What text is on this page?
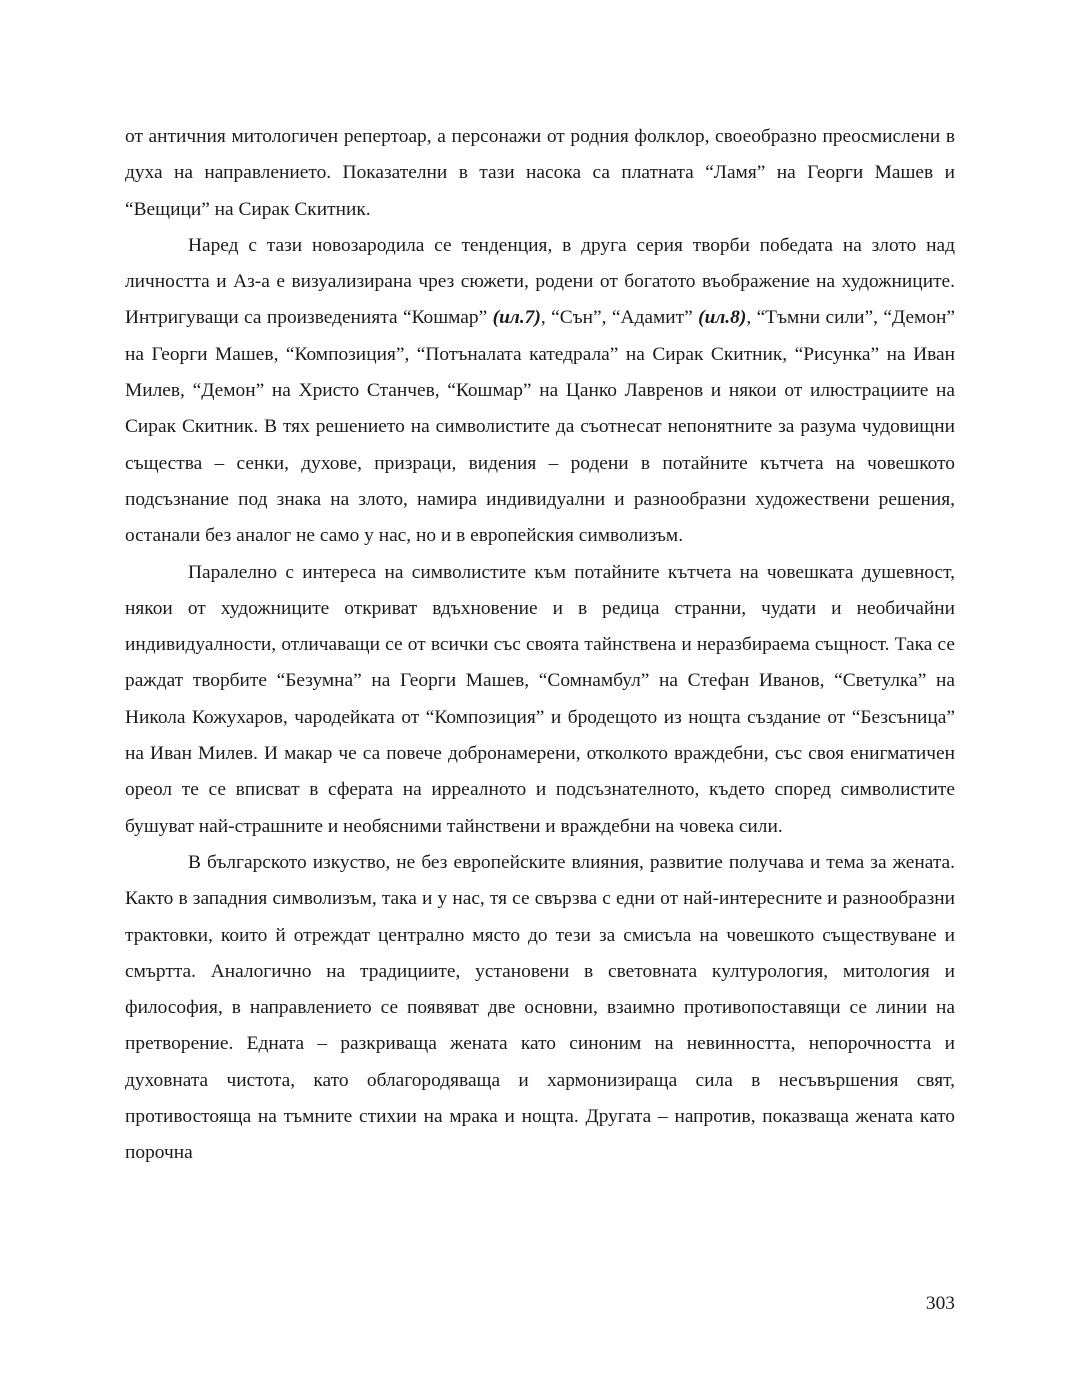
от античния митологичен репертоар, а персонажи от родния фолклор, своеобразно преосмислени в духа на направлението. Показателни в тази насока са платната “Ламя” на Георги Машев и “Вещици” на Сирак Скитник.

Наред с тази новозародила се тенденция, в друга серия творби победата на злото над личността и Аз-а е визуализирана чрез сюжети, родени от богатото въображение на художниците. Интригуващи са произведенията “Кошмар” (ил.7), “Сън”, “Адамит” (ил.8), “Тъмни сили”, “Демон” на Георги Машев, “Композиция”, “Потъналата катедрала” на Сирак Скитник, “Рисунка” на Иван Милев, “Демон” на Христо Станчев, “Кошмар” на Цанко Лавренов и някои от илюстрациите на Сирак Скитник. В тях решението на символистите да съотнесат непонятните за разума чудовищни същества – сенки, духове, призраци, видения – родени в потайните кътчета на човешкото подсъзнание под знака на злото, намира индивидуални и разнообразни художествени решения, останали без аналог не само у нас, но и в европейския символизъм.

Паралелно с интереса на символистите към потайните кътчета на човешката душевност, някои от художниците откриват вдъхновение и в редица странни, чудати и необичайни индивидуалности, отличаващи се от всички със своята тайнствена и неразбираема същност. Така се раждат творбите “Безумна” на Георги Машев, “Сомнамбул” на Стефан Иванов, “Светулка” на Никола Кожухаров, чародейката от “Композиция” и бродещото из нощта създание от “Безсъница” на Иван Милев. И макар че са повече добронамерени, отколкото враждебни, със своя енигматичен ореол те се вписват в сферата на ирреалното и подсъзнателното, където според символистите бушуват най-страшните и необясними тайнствени и враждебни на човека сили.

В българското изкуство, не без европейските влияния, развитие получава и тема за жената. Както в западния символизъм, така и у нас, тя се свързва с едни от най-интересните и разнообразни трактовки, които й отреждат централно място до тези за смисъла на човешкото съществуване и смъртта. Аналогично на традициите, установени в световната културология, митология и философия, в направлението се появяват две основни, взаимно противопоставящи се линии на претворение. Едната – разкриваща жената като синоним на невинността, непорочността и духовната чистота, като облагородяваща и хармонизираща сила в несъвършения свят, противостояща на тъмните стихии на мрака и нощта. Другата – напротив, показваща жената като порочна

303
